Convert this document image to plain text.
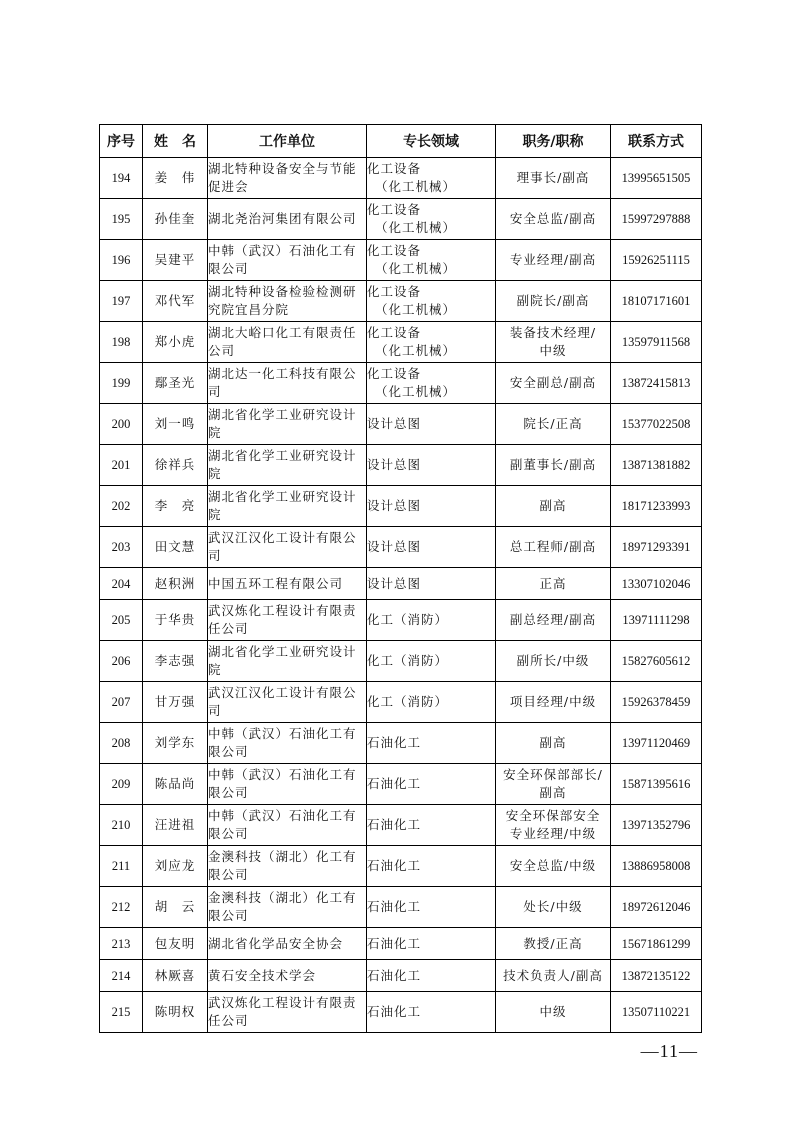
序号	姓　名	工作单位	专长领域	职务/职称	联系方式
194	姜　伟	湖北特种设备安全与节能
促进会	化工设备
（化工机械）	理事长/副高	13995651505
195	孙佳奎	湖北尧治河集团有限公司	化工设备
（化工机械）	安全总监/副高	15997297888
196	吴建平	中韩（武汉）石油化工有
限公司	化工设备
（化工机械）	专业经理/副高	15926251115
197	邓代军	湖北特种设备检验检测研
究院宜昌分院	化工设备
（化工机械）	副院长/副高	18107171601
198	郑小虎	湖北大峪口化工有限责任
公司	化工设备
（化工机械）	装备技术经理/
中级	13597911568
199	鄢圣光	湖北达一化工科技有限公
司	化工设备
（化工机械）	安全副总/副高	13872415813
200	刘一鸣	湖北省化学工业研究设计
院	设计总图	院长/正高	15377022508
201	徐祥兵	湖北省化学工业研究设计
院	设计总图	副董事长/副高	13871381882
202	李　亮	湖北省化学工业研究设计
院	设计总图	副高	18171233993
203	田文慧	武汉江汉化工设计有限公
司	设计总图	总工程师/副高	18971293391
204	赵积洲	中国五环工程有限公司	设计总图	正高	13307102046
205	于华贵	武汉炼化工程设计有限责
任公司	化工（消防）	副总经理/副高	13971111298
206	李志强	湖北省化学工业研究设计
院	化工（消防）	副所长/中级	15827605612
207	甘万强	武汉江汉化工设计有限公
司	化工（消防）	项目经理/中级	15926378459
208	刘学东	中韩（武汉）石油化工有
限公司	石油化工	副高	13971120469
209	陈品尚	中韩（武汉）石油化工有
限公司	石油化工	安全环保部部长/
副高	15871395616
210	汪进祖	中韩（武汉）石油化工有
限公司	石油化工	安全环保部安全
专业经理/中级	13971352796
211	刘应龙	金澳科技（湖北）化工有
限公司	石油化工	安全总监/中级	13886958008
212	胡　云	金澳科技（湖北）化工有
限公司	石油化工	处长/中级	18972612046
213	包友明	湖北省化学品安全协会	石油化工	教授/正高	15671861299
214	林厥喜	黄石安全技术学会	石油化工	技术负责人/副高	13872135122
215	陈明权	武汉炼化工程设计有限责
任公司	石油化工	中级	13507110221
—11—
